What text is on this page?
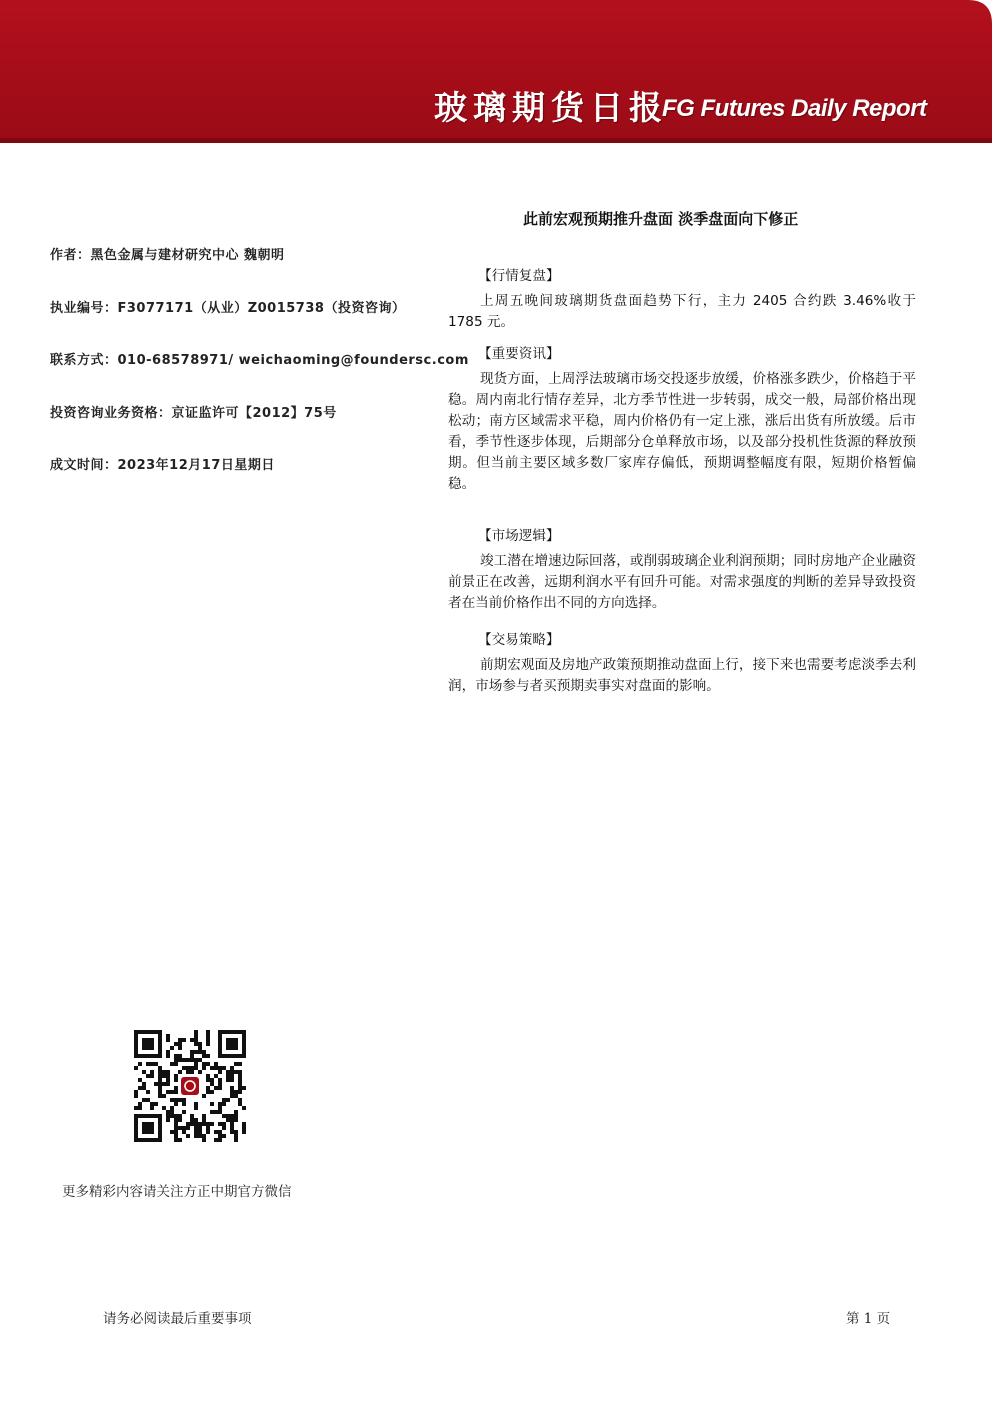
玻璃期货日报
FG Futures Daily Report
作者：黑色金属与建材研究中心 魏朝明
执业编号：F3077171（从业）Z0015738（投资咨询）
联系方式：010-68578971/ weichaoming@foundersc.com
投资咨询业务资格：京证监许可【2012】75号
成文时间：2023年12月17日星期日
此前宏观预期推升盘面 淡季盘面向下修正
【行情复盘】
上周五晚间玻璃期货盘面趋势下行，主力 2405 合约跌 3.46%收于 1785 元。
【重要资讯】
现货方面，上周浮法玻璃市场交投逐步放缓，价格涨多跌少，价格趋于平稳。周内南北行情存差异，北方季节性进一步转弱，成交一般，局部价格出现松动；南方区域需求平稳，周内价格仍有一定上涨，涨后出货有所放缓。后市看，季节性逐步体现，后期部分仓单释放市场，以及部分投机性货源的释放预期。但当前主要区域多数厂家库存偏低，预期调整幅度有限，短期价格暂偏稳。
【市场逻辑】
竣工潜在增速边际回落，或削弱玻璃企业利润预期；同时房地产企业融资前景正在改善，远期利润水平有回升可能。对需求强度的判断的差异导致投资者在当前价格作出不同的方向选择。
【交易策略】
前期宏观面及房地产政策预期推动盘面上行，接下来也需要考虑淡季去利润，市场参与者买预期卖事实对盘面的影响。
更多精彩内容请关注方正中期官方微信
请务必阅读最后重要事项	第 1 页
